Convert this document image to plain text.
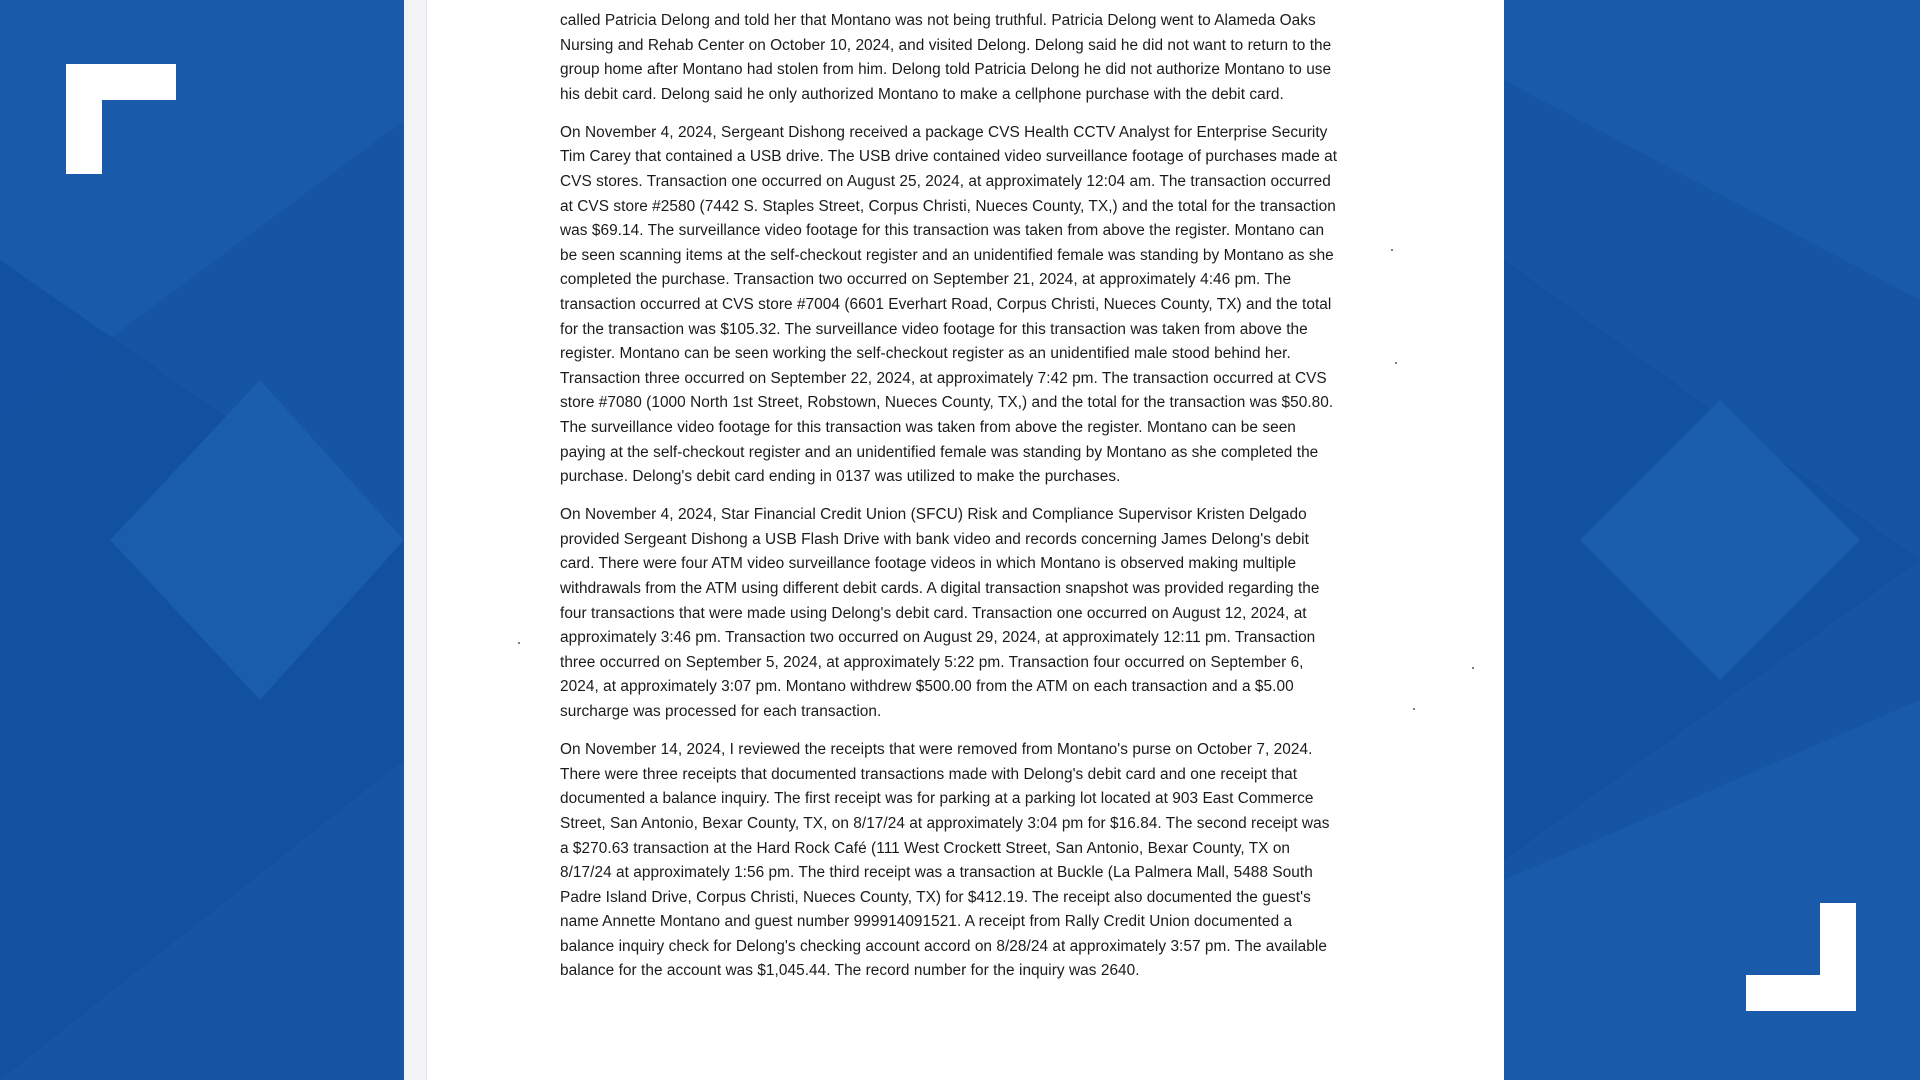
called Patricia Delong and told her that Montano was not being truthful. Patricia Delong went to Alameda Oaks Nursing and Rehab Center on October 10, 2024, and visited Delong. Delong said he did not want to return to the group home after Montano had stolen from him. Delong told Patricia Delong he did not authorize Montano to use his debit card. Delong said he only authorized Montano to make a cellphone purchase with the debit card.

On November 4, 2024, Sergeant Dishong received a package CVS Health CCTV Analyst for Enterprise Security Tim Carey that contained a USB drive. The USB drive contained video surveillance footage of purchases made at CVS stores. Transaction one occurred on August 25, 2024, at approximately 12:04 am. The transaction occurred at CVS store #2580 (7442 S. Staples Street, Corpus Christi, Nueces County, TX,) and the total for the transaction was $69.14. The surveillance video footage for this transaction was taken from above the register. Montano can be seen scanning items at the self-checkout register and an unidentified female was standing by Montano as she completed the purchase. Transaction two occurred on September 21, 2024, at approximately 4:46 pm. The transaction occurred at CVS store #7004 (6601 Everhart Road, Corpus Christi, Nueces County, TX) and the total for the transaction was $105.32. The surveillance video footage for this transaction was taken from above the register. Montano can be seen working the self-checkout register as an unidentified male stood behind her. Transaction three occurred on September 22, 2024, at approximately 7:42 pm. The transaction occurred at CVS store #7080 (1000 North 1st Street, Robstown, Nueces County, TX,) and the total for the transaction was $50.80. The surveillance video footage for this transaction was taken from above the register. Montano can be seen paying at the self-checkout register and an unidentified female was standing by Montano as she completed the purchase. Delong's debit card ending in 0137 was utilized to make the purchases.

On November 4, 2024, Star Financial Credit Union (SFCU) Risk and Compliance Supervisor Kristen Delgado provided Sergeant Dishong a USB Flash Drive with bank video and records concerning James Delong's debit card. There were four ATM video surveillance footage videos in which Montano is observed making multiple withdrawals from the ATM using different debit cards. A digital transaction snapshot was provided regarding the four transactions that were made using Delong's debit card. Transaction one occurred on August 12, 2024, at approximately 3:46 pm. Transaction two occurred on August 29, 2024, at approximately 12:11 pm. Transaction three occurred on September 5, 2024, at approximately 5:22 pm. Transaction four occurred on September 6, 2024, at approximately 3:07 pm. Montano withdrew $500.00 from the ATM on each transaction and a $5.00 surcharge was processed for each transaction.

On November 14, 2024, I reviewed the receipts that were removed from Montano's purse on October 7, 2024. There were three receipts that documented transactions made with Delong's debit card and one receipt that documented a balance inquiry. The first receipt was for parking at a parking lot located at 903 East Commerce Street, San Antonio, Bexar County, TX, on 8/17/24 at approximately 3:04 pm for $16.84. The second receipt was a $270.63 transaction at the Hard Rock Café (111 West Crockett Street, San Antonio, Bexar County, TX on 8/17/24 at approximately 1:56 pm. The third receipt was a transaction at Buckle (La Palmera Mall, 5488 South Padre Island Drive, Corpus Christi, Nueces County, TX) for $412.19. The receipt also documented the guest's name Annette Montano and guest number 999914091521. A receipt from Rally Credit Union documented a balance inquiry check for Delong's checking account accord on 8/28/24 at approximately 3:57 pm. The available balance for the account was $1,045.44. The record number for the inquiry was 2640.
